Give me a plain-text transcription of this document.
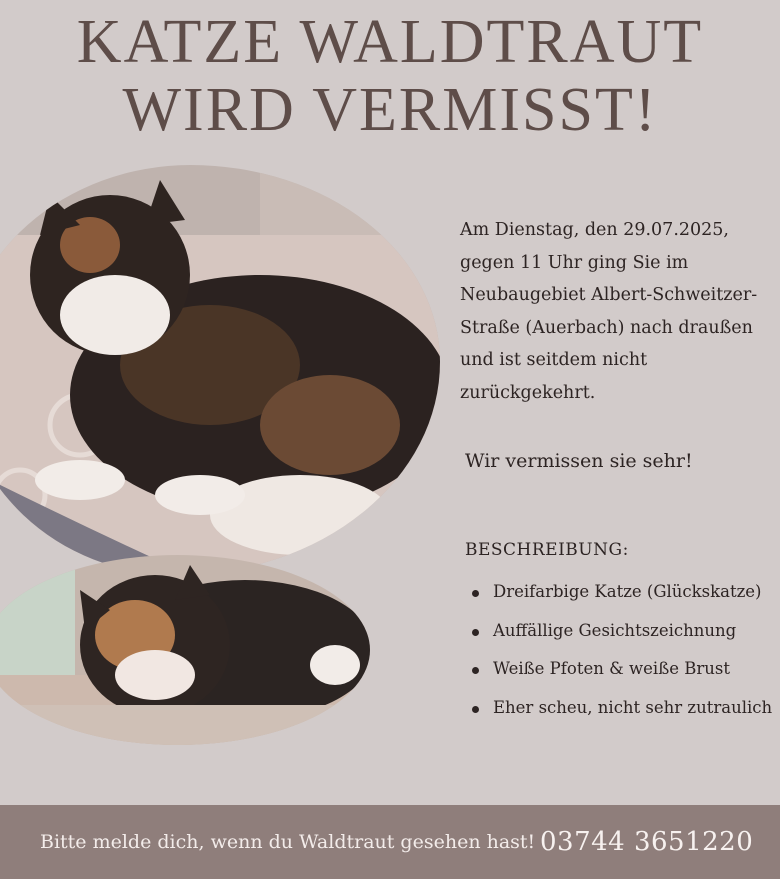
KATZE WALDTRAUT
WIRD VERMISST!
Am Dienstag, den 29.07.2025, gegen 11 Uhr ging Sie im Neubaugebiet Albert-Schweitzer-Straße (Auerbach) nach draußen und ist seitdem nicht zurückgekehrt.
Wir vermissen sie sehr!
BESCHREIBUNG:
Dreifarbige Katze (Glückskatze)
Auffällige Gesichtszeichnung
Weiße Pfoten & weiße Brust
Eher scheu, nicht sehr zutraulich
Bitte melde dich, wenn du Waldtraut gesehen hast! 03744 3651220
